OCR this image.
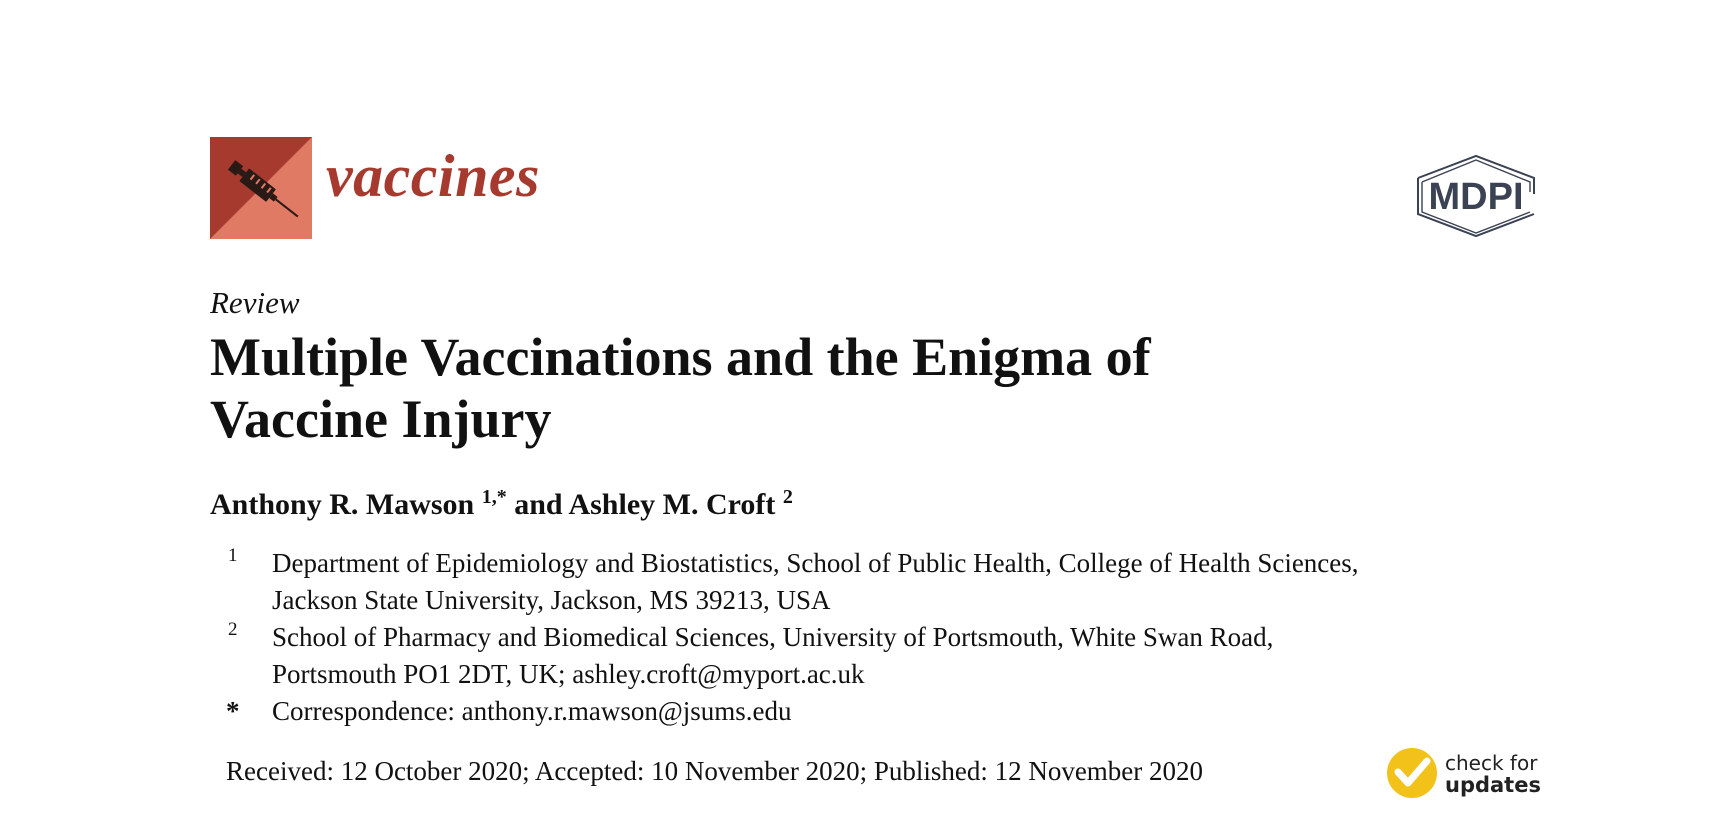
vaccines	MDPI
Review
Multiple Vaccinations and the Enigma of
Vaccine Injury
Anthony R. Mawson $^{1,*}$ and Ashley M. Croft $^2$
1 Department of Epidemiology and Biostatistics, School of Public Health, College of Health Sciences,
Jackson State University, Jackson, MS 39213, USA
2 School of Pharmacy and Biomedical Sciences, University of Portsmouth, White Swan Road,
Portsmouth PO1 2DT, UK; ashley.croft@myport.ac.uk
* Correspondence: anthony.r.mawson@jsums.edu
Received: 12 October 2020; Accepted: 10 November 2020; Published: 12 November 2020	check for
updates
